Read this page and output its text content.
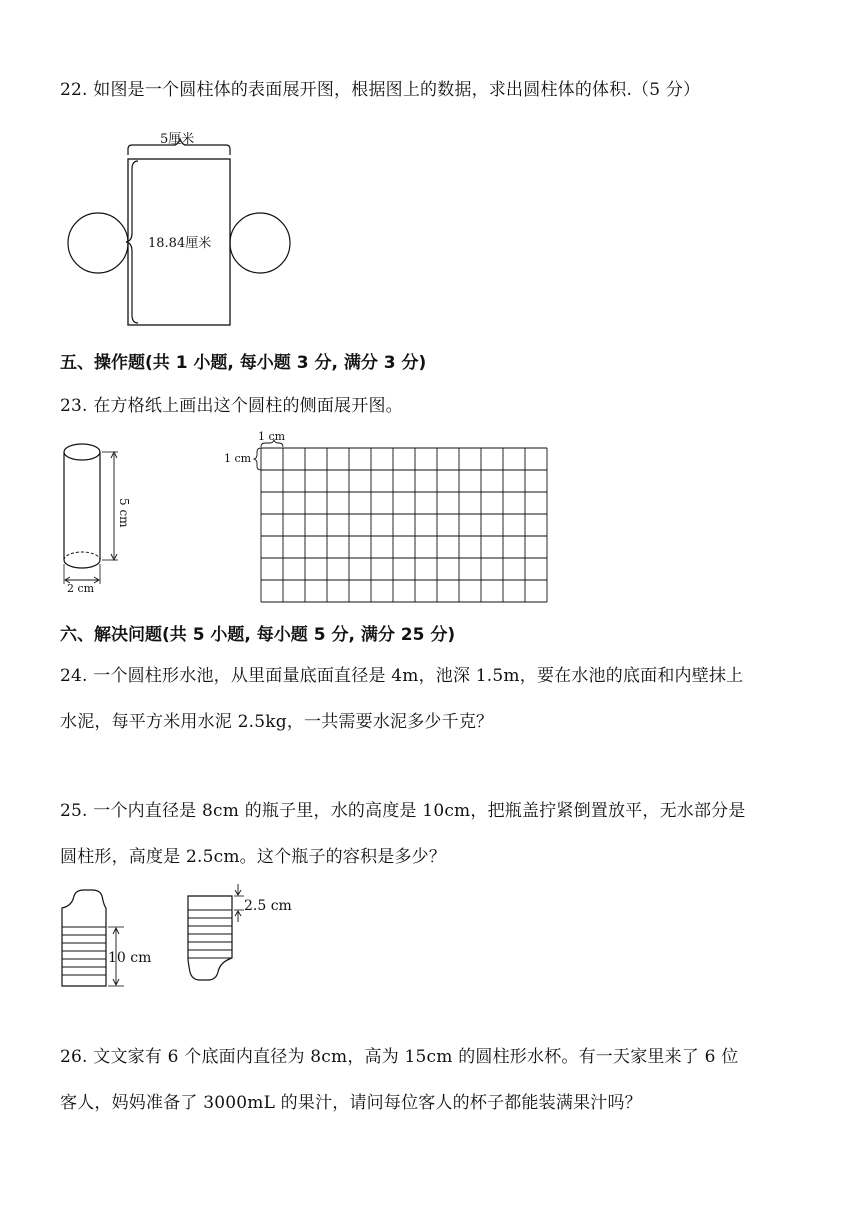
22. 如图是一个圆柱体的表面展开图，根据图上的数据，求出圆柱体的体积.（5 分）
5厘米
18.84厘米
五、操作题(共 1 小题, 每小题 3 分, 满分 3 分)
23. 在方格纸上画出这个圆柱的侧面展开图。
5 cm
2 cm
1 cm
1 cm
六、解决问题(共 5 小题, 每小题 5 分, 满分 25 分)
24. 一个圆柱形水池，从里面量底面直径是 4m，池深 1.5m，要在水池的底面和内壁抹上
水泥，每平方米用水泥 2.5kg，一共需要水泥多少千克？
25. 一个内直径是 8cm 的瓶子里，水的高度是 10cm，把瓶盖拧紧倒置放平，无水部分是
圆柱形，高度是 2.5cm。这个瓶子的容积是多少？
10 cm
2.5 cm
26. 文文家有 6 个底面内直径为 8cm，高为 15cm 的圆柱形水杯。有一天家里来了 6 位
客人，妈妈准备了 3000mL 的果汁，请问每位客人的杯子都能装满果汁吗？
